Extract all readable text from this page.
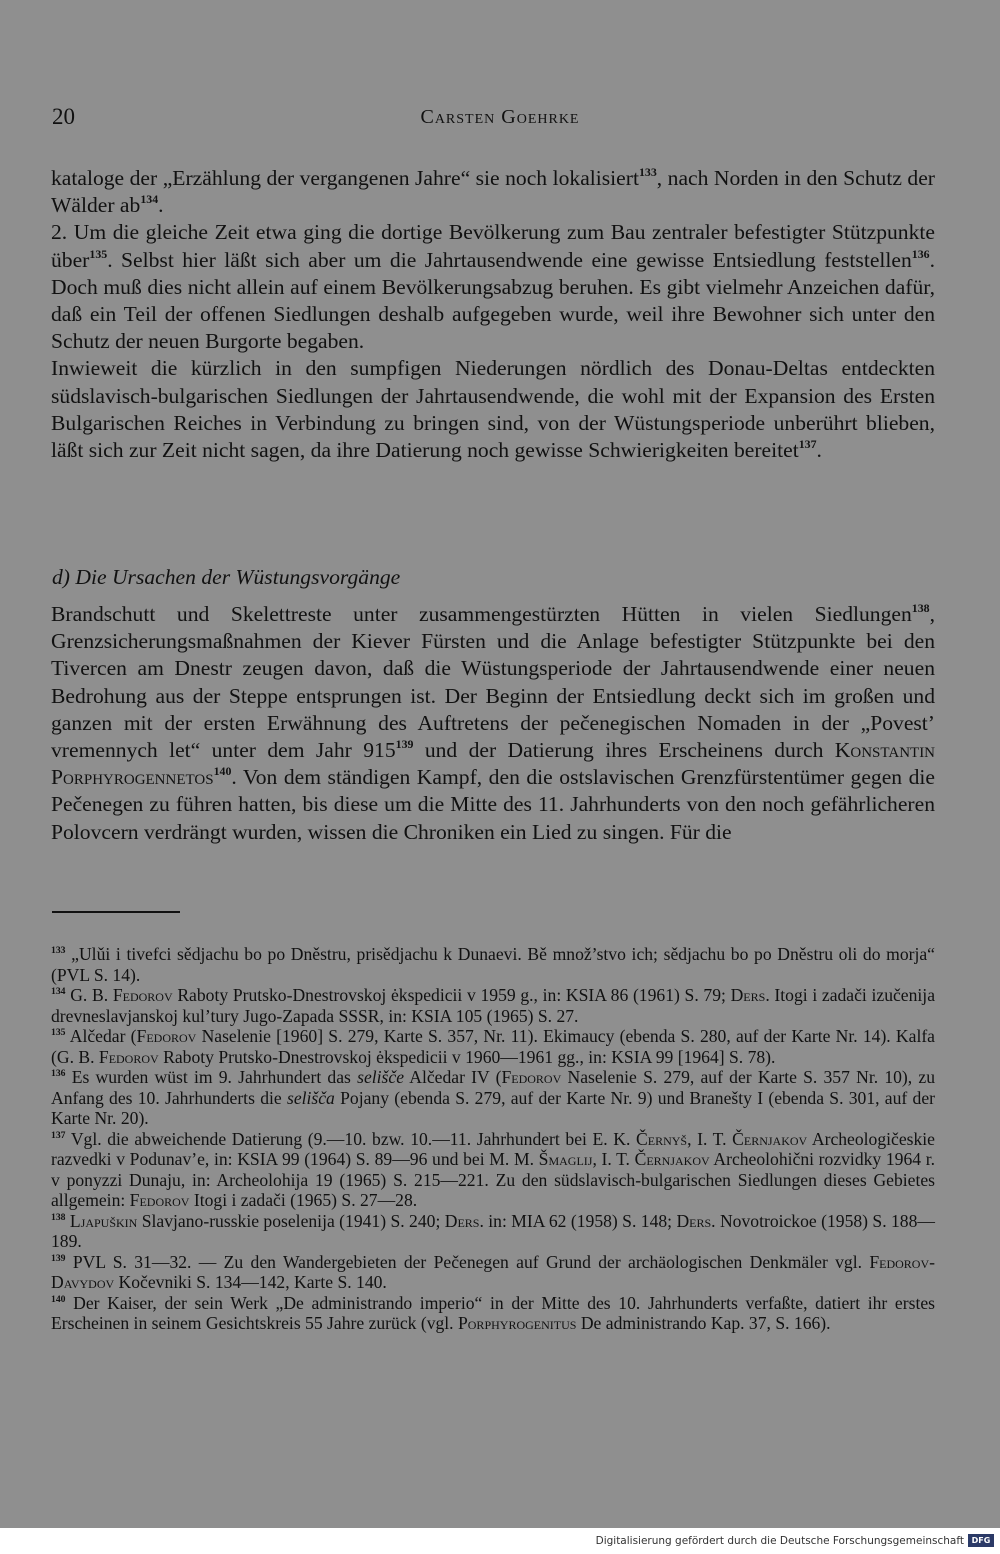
20	Carsten Goehrke

kataloge der „Erzählung der vergangenen Jahre“ sie noch lokalisiert$^{133}$, nach Norden in den Schutz der Wälder $ab^{134}$.

2. Um die gleiche Zeit etwa ging die dortige Bevölkerung zum Bau zentraler befestigter Stützpunkte über$^{135}$. Selbst hier läßt sich aber um die Jahrtausendwende eine gewisse Entsiedlung feststellen$^{136}$. Doch muß dies nicht allein auf einem Bevölkerungsabzug beruhen. Es gibt vielmehr Anzeichen dafür, daß ein Teil der offenen Siedlungen deshalb aufgegeben wurde, weil ihre Bewohner sich unter den Schutz der neuen Burgorte begaben.

Inwieweit die kürzlich in den sumpfigen Niederungen nördlich des Donau-Deltas entdeckten südslavisch-bulgarischen Siedlungen der Jahrtausendwende, die wohl mit der Expansion des Ersten Bulgarischen Reiches in Verbindung zu bringen sind, von der Wüstungsperiode unberührt blieben, läßt sich zur Zeit nicht sagen, da ihre Datierung noch gewisse Schwierigkeiten bereitet$^{137}$.

d) Die Ursachen der Wüstungsvorgänge

Brandschutt und Skelettreste unter zusammengestürzten Hütten in vielen Siedlungen$^{138}$, Grenzsicherungsmaßnahmen der Kiever Fürsten und die Anlage befestigter Stützpunkte bei den Tivercen am Dnestr zeugen davon, daß die Wüstungsperiode der Jahrtausendwende einer neuen Bedrohung aus der Steppe entsprungen ist. Der Beginn der Entsiedlung deckt sich im großen und ganzen mit der ersten Erwähnung des Auftretens der pečenegischen Nomaden in der „Povest’ vremennych let“ unter dem Jahr $915^{139}$ und der Datierung ihres Erscheinens durch Konstantin Porphyrogennetos$^{140}$. Von dem ständigen Kampf, den die ostslavischen Grenzfürstentümer gegen die Pečenegen zu führen hatten, bis diese um die Mitte des 11. Jahrhunderts von den noch gefährlicheren Polovcern verdrängt wurden, wissen die Chroniken ein Lied zu singen. Für die

$^{133}$ „Ulǔi i tivefci sědjachu bo po Dněstru, prisědjachu k Dunaevi. Bě množ’stvo ich; sědjachu bo po Dněstru oli do morja“ (PVL S. 14).

$^{134}$ G. B. Fedorov Raboty Prutsko-Dnestrovskoj ėkspedicii v 1959 g., in: KSIA 86 (1961) S. 79; Ders. Itogi i zadači izučenija drevneslavjanskoj kul’tury Jugo-Zapada SSSR, in: KSIA 105 (1965) S. 27.

$^{135}$ Alčedar (Fedorov Naselenie [1960] S. 279, Karte S. 357, Nr. 11). Ekimaucy (ebenda S. 280, auf der Karte Nr. 14). Kalfa (G. B. Fedorov Raboty Prutsko-Dnestrovskoj ėkspedicii v 1960—1961 gg., in: KSIA 99 [1964] S. 78).

$^{136}$ Es wurden wüst im 9. Jahrhundert das selišče Alčedar IV (Fedorov Naselenie S. 279, auf der Karte S. 357 Nr. 10), zu Anfang des 10. Jahrhunderts die selišča Pojany (ebenda S. 279, auf der Karte Nr. 9) und Branešty I (ebenda S. 301, auf der Karte Nr. 20).

$^{137}$ Vgl. die abweichende Datierung (9.—10. bzw. 10.—11. Jahrhundert bei E. K. Černyš, I. T. Černjakov Archeologičeskie razvedki v Podunav’e, in: KSIA 99 (1964) S. 89—96 und bei M. M. Šmaglij, I. T. Černjakov Archeolohični rozvidky 1964 r. v ponyzzi Dunaju, in: Archeolohija 19 (1965) S. 215—221. Zu den südslavisch-bulgarischen Siedlungen dieses Gebietes allgemein: Fedorov Itogi i zadači (1965) S. 27—28.

$^{138}$ Ljapuškin Slavjano-russkie poselenija (1941) S. 240; Ders. in: MIA 62 (1958) S. 148; Ders. Novotroickoe (1958) S. 188—189.

$^{139}$ PVL S. 31—32. — Zu den Wandergebieten der Pečenegen auf Grund der archäologischen Denkmäler vgl. Fedorov-Davydov Kočevniki S. 134—142, Karte S. 140.

$^{140}$ Der Kaiser, der sein Werk „De administrando imperio“ in der Mitte des 10. Jahrhunderts verfaßte, datiert ihr erstes Erscheinen in seinem Gesichtskreis 55 Jahre zurück (vgl. Porphyrogenitus De administrando Kap. 37, S. 166).

Digitalisierung gefördert durch die Deutsche Forschungsgemeinschaft DFG
